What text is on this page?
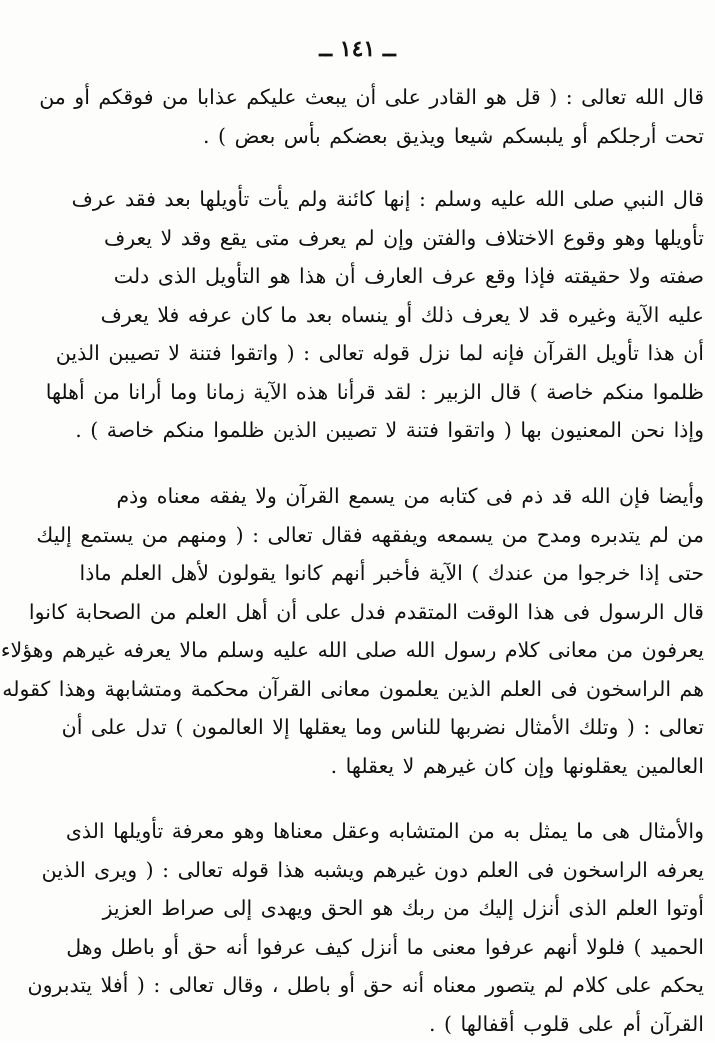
ــ ١٤١ ــ
قال الله تعالى : ( قل هو القادر على أن يبعث عليكم عذابا من فوقكم أو من
تحت أرجلكم أو يلبسكم شيعا ويذيق بعضكم بأس بعض ) .
قال النبي صلى الله عليه وسلم : إنها كائنة ولم يأت تأويلها بعد فقد عرف
تأويلها وهو وقوع الاختلاف والفتن وإن لم يعرف متى يقع وقد لا يعرف
صفته ولا حقيقته فإذا وقع عرف العارف أن هذا هو التأويل الذى دلت
عليه الآية وغيره قد لا يعرف ذلك أو ينساه بعد ما كان عرفه فلا يعرف
أن هذا تأويل القرآن فإنه لما نزل قوله تعالى : ( واتقوا فتنة لا تصيبن الذين
ظلموا منكم خاصة ) قال الزبير : لقد قرأنا هذه الآية زمانا وما أرانا من أهلها
وإذا نحن المعنيون بها ( واتقوا فتنة لا تصيبن الذين ظلموا منكم خاصة ) .
وأيضا فإن الله قد ذم فى كتابه من يسمع القرآن ولا يفقه معناه وذم
من لم يتدبره ومدح من يسمعه ويفقهه فقال تعالى : ( ومنهم من يستمع إليك
حتى إذا خرجوا من عندك ) الآية فأخبر أنهم كانوا يقولون لأهل العلم ماذا
قال الرسول فى هذا الوقت المتقدم فدل على أن أهل العلم من الصحابة كانوا
يعرفون من معانى كلام رسول الله صلى الله عليه وسلم مالا يعرفه غيرهم وهؤلاء
هم الراسخون فى العلم الذين يعلمون معانى القرآن محكمة ومتشابهة وهذا كقوله
تعالى : ( وتلك الأمثال نضربها للناس وما يعقلها إلا العالمون ) تدل على أن
العالمين يعقلونها وإن كان غيرهم لا يعقلها .
والأمثال هى ما يمثل به من المتشابه وعقل معناها وهو معرفة تأويلها الذى
يعرفه الراسخون فى العلم دون غيرهم ويشبه هذا قوله تعالى : ( ويرى الذين
أوتوا العلم الذى أنزل إليك من ربك هو الحق ويهدى إلى صراط العزيز
الحميد ) فلولا أنهم عرفوا معنى ما أنزل كيف عرفوا أنه حق أو باطل وهل
يحكم على كلام لم يتصور معناه أنه حق أو باطل ، وقال تعالى : ( أفلا يتدبرون
القرآن أم على قلوب أقفالها ) .
